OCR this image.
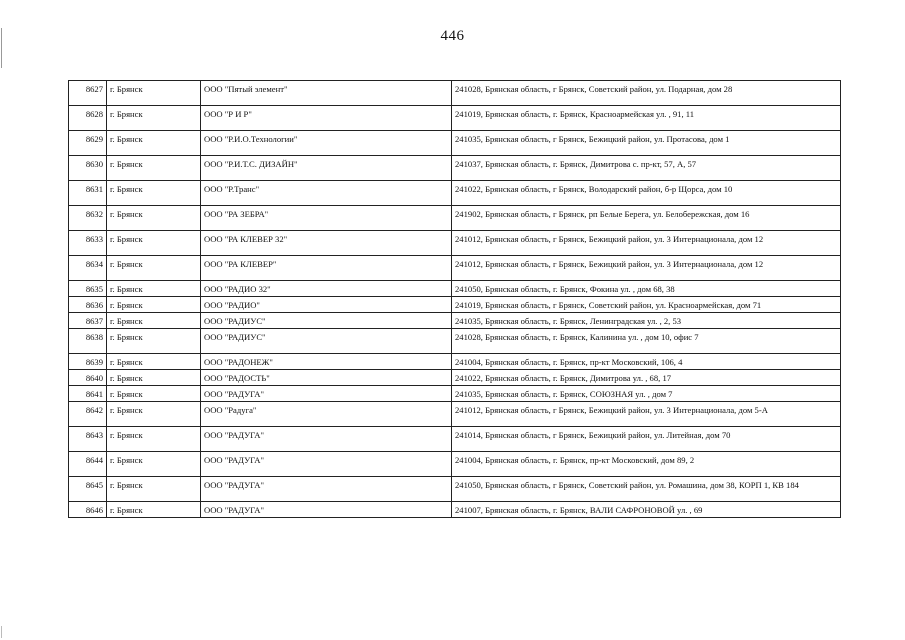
446
8627	г. Брянск	ООО "Пятый элемент"	241028, Брянская область, г Брянск, Советский район, ул. Подарная, дом 28
8628	г. Брянск	ООО "Р И Р"	241019, Брянская область, г. Брянск, Красноармейская ул. , 91, 11
8629	г. Брянск	ООО "Р.И.О.Технологии"	241035, Брянская область, г Брянск, Бежицкий район, ул. Протасова, дом 1
8630	г. Брянск	ООО "Р.И.Т.С. ДИЗАЙН"	241037, Брянская область, г. Брянск, Димитрова с. пр-кт, 57, А, 57
8631	г. Брянск	ООО "Р.Транс"	241022, Брянская область, г Брянск, Володарский район, б-р Щорса, дом 10
8632	г. Брянск	ООО "РА ЗЕБРА"	241902, Брянская область, г Брянск, рп Белые Берега, ул. Белобережская, дом 16
8633	г. Брянск	ООО "РА КЛЕВЕР 32"	241012, Брянская область, г Брянск, Бежицкий район, ул. 3 Интернационала, дом 12
8634	г. Брянск	ООО "РА КЛЕВЕР"	241012, Брянская область, г Брянск, Бежицкий район, ул. 3 Интернационала, дом 12
8635	г. Брянск	ООО "РАДИО 32"	241050, Брянская область, г. Брянск, Фокина ул. , дом 68, 38
8636	г. Брянск	ООО "РАДИО"	241019, Брянская область, г Брянск, Советский район, ул. Красноармейская, дом 71
8637	г. Брянск	ООО "РАДИУС"	241035, Брянская область, г. Брянск, Ленинградская ул. , 2, 53
8638	г. Брянск	ООО "РАДИУС"	241028, Брянская область, г. Брянск, Калинина ул. , дом 10, офис 7
8639	г. Брянск	ООО "РАДОНЕЖ"	241004, Брянская область, г. Брянск, пр-кт Московский, 106, 4
8640	г. Брянск	ООО "РАДОСТЬ"	241022, Брянская область, г. Брянск, Димитрова ул. , 68, 17
8641	г. Брянск	ООО "РАДУГА"	241035, Брянская область, г. Брянск, СОЮЗНАЯ ул. , дом 7
8642	г. Брянск	ООО "Радуга"	241012, Брянская область, г Брянск, Бежицкий район, ул. 3 Интернационала, дом 5-А
8643	г. Брянск	ООО "РАДУГА"	241014, Брянская область, г Брянск, Бежицкий район, ул. Литейная, дом 70
8644	г. Брянск	ООО "РАДУГА"	241004, Брянская область, г. Брянск, пр-кт Московский, дом 89, 2
8645	г. Брянск	ООО "РАДУГА"	241050, Брянская область, г Брянск, Советский район, ул. Ромашина, дом 38, КОРП 1, КВ 184
8646	г. Брянск	ООО "РАДУГА"	241007, Брянская область, г. Брянск, ВАЛИ САФРОНОВОЙ ул. , 69
